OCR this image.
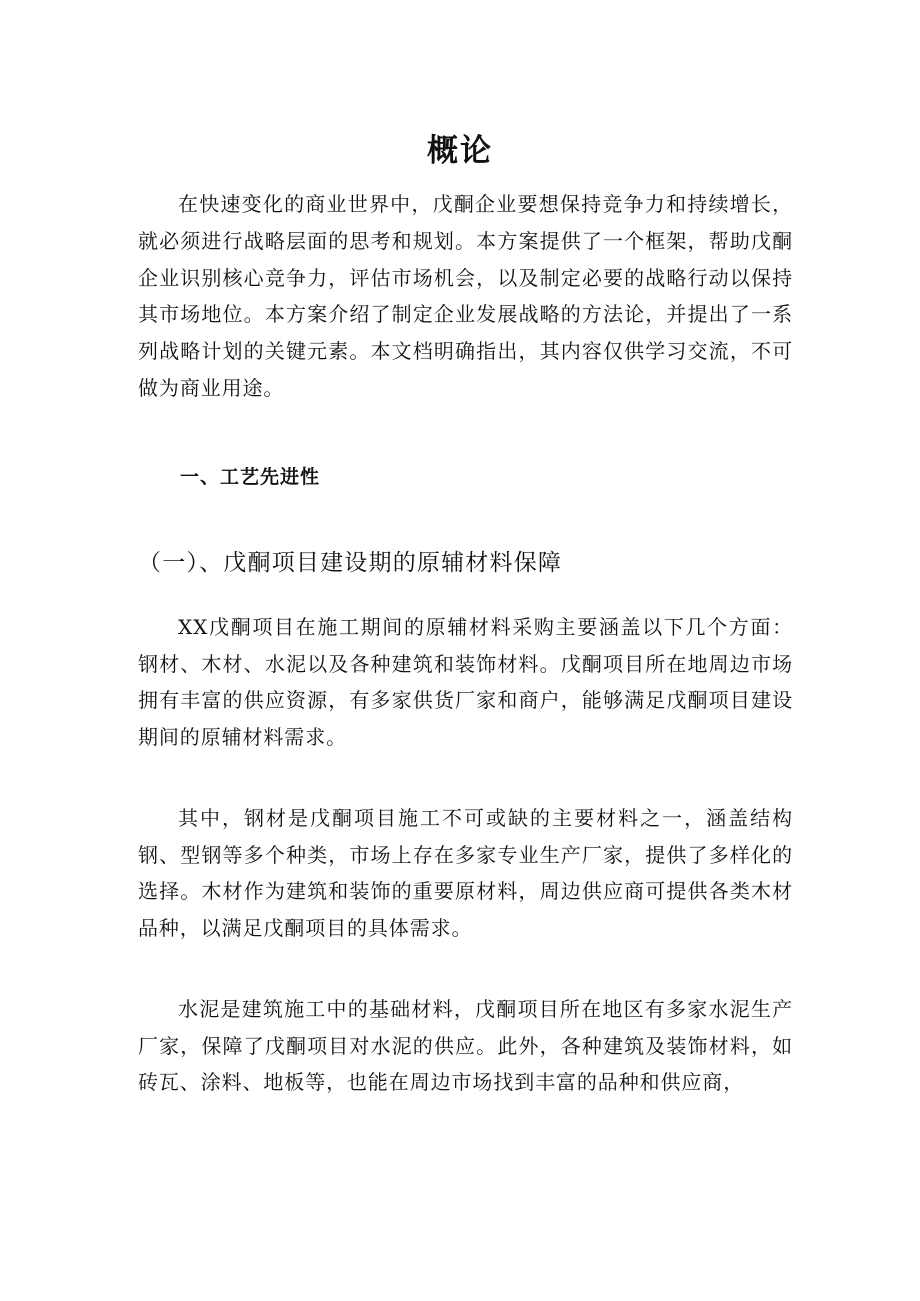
概论

在快速变化的商业世界中，戊酮企业要想保持竞争力和持续增长，就必须进行战略层面的思考和规划。本方案提供了一个框架，帮助戊酮企业识别核心竞争力，评估市场机会，以及制定必要的战略行动以保持其市场地位。本方案介绍了制定企业发展战略的方法论，并提出了一系列战略计划的关键元素。本文档明确指出，其内容仅供学习交流，不可做为商业用途。

一、工艺先进性
（一）、戊酮项目建设期的原辅材料保障

XX戊酮项目在施工期间的原辅材料采购主要涵盖以下几个方面：钢材、木材、水泥以及各种建筑和装饰材料。戊酮项目所在地周边市场拥有丰富的供应资源，有多家供货厂家和商户，能够满足戊酮项目建设期间的原辅材料需求。

其中，钢材是戊酮项目施工不可或缺的主要材料之一，涵盖结构钢、型钢等多个种类，市场上存在多家专业生产厂家，提供了多样化的选择。木材作为建筑和装饰的重要原材料，周边供应商可提供各类木材品种，以满足戊酮项目的具体需求。

水泥是建筑施工中的基础材料，戊酮项目所在地区有多家水泥生产厂家，保障了戊酮项目对水泥的供应。此外，各种建筑及装饰材料，如砖瓦、涂料、地板等，也能在周边市场找到丰富的品种和供应商，
